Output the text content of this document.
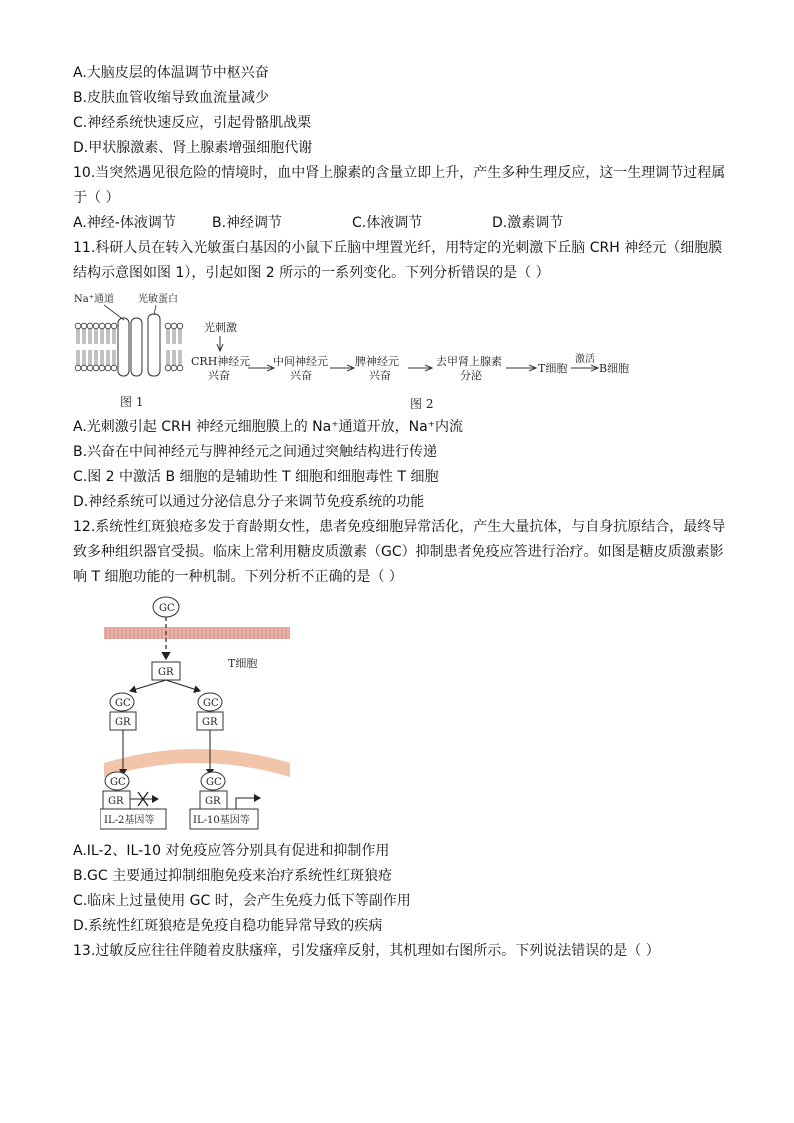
A.大脑皮层的体温调节中枢兴奋
B.皮肤血管收缩导致血流量减少
C.神经系统快速反应，引起骨骼肌战栗
D.甲状腺激素、肾上腺素增强细胞代谢
10.当突然遇见很危险的情境时，血中肾上腺素的含量立即上升，产生多种生理反应，这一生理调节过程属
于（ ）
A.神经-体液调节	B.神经调节	C.体液调节	D.激素调节
11.科研人员在转入光敏蛋白基因的小鼠下丘脑中埋置光纤，用特定的光刺激下丘脑 CRH 神经元（细胞膜
结构示意图如图 1），引起如图 2 所示的一系列变化。下列分析错误的是（ ）
Na⁺通道 光敏蛋白
图 1
光刺激
CRH神经元
兴奋
中间神经元
兴奋
脾神经元
兴奋
去甲肾上腺素
分泌
T细胞
激活
B细胞
图 2
A.光刺激引起 CRH 神经元细胞膜上的 Na⁺通道开放，Na⁺内流
B.兴奋在中间神经元与脾神经元之间通过突触结构进行传递
C.图 2 中激活 B 细胞的是辅助性 T 细胞和细胞毒性 T 细胞
D.神经系统可以通过分泌信息分子来调节免疫系统的功能
12.系统性红斑狼疮多发于育龄期女性，患者免疫细胞异常活化，产生大量抗体，与自身抗原结合，最终导
致多种组织器官受损。临床上常利用糖皮质激素（GC）抑制患者免疫应答进行治疗。如图是糖皮质激素影
响 T 细胞功能的一种机制。下列分析不正确的是（ ）
GC
GR
T细胞
GC
GR
GC
GR
GC
GR
IL-2基因等
GC
GR
IL-10基因等
A.IL-2、IL-10 对免疫应答分别具有促进和抑制作用
B.GC 主要通过抑制细胞免疫来治疗系统性红斑狼疮
C.临床上过量使用 GC 时，会产生免疫力低下等副作用
D.系统性红斑狼疮是免疫自稳功能异常导致的疾病
13.过敏反应往往伴随着皮肤瘙痒，引发瘙痒反射，其机理如右图所示。下列说法错误的是（ ）
